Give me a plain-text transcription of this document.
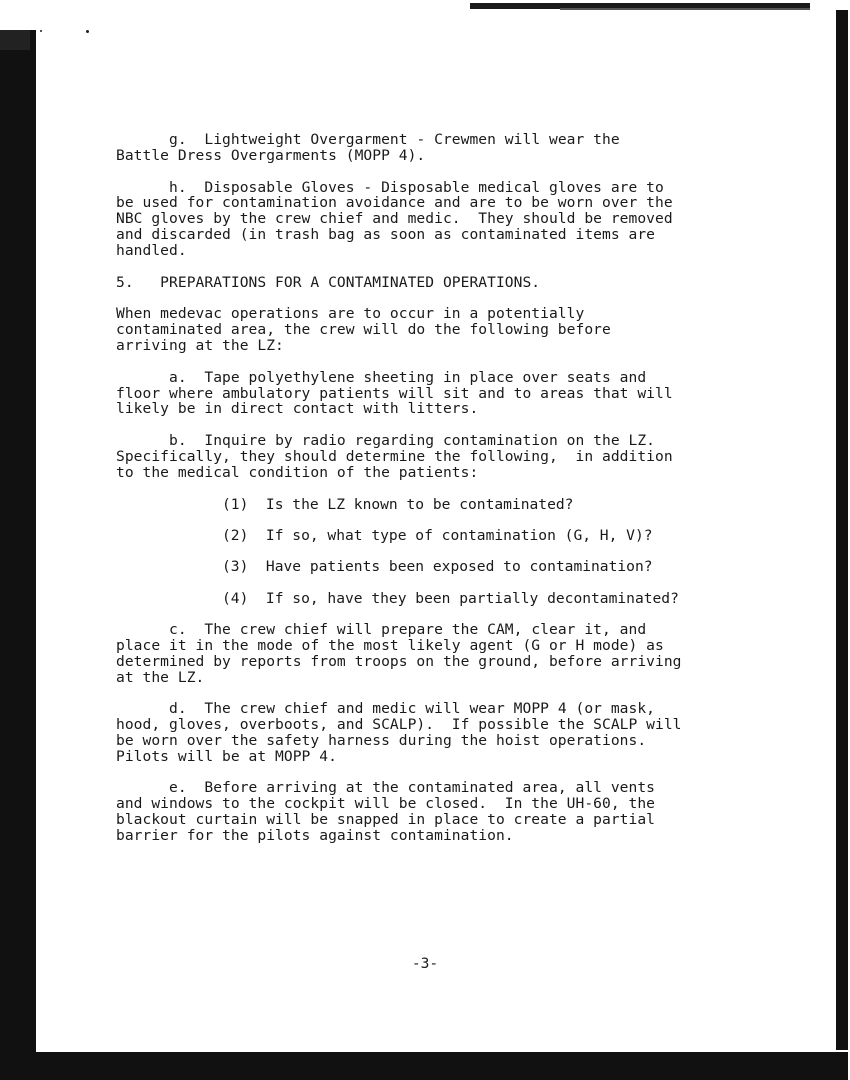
g.  Lightweight Overgarment - Crewmen will wear the
Battle Dress Overgarments (MOPP 4).

h.  Disposable Gloves - Disposable medical gloves are to
be used for contamination avoidance and are to be worn over the
NBC gloves by the crew chief and medic.  They should be removed
and discarded (in trash bag as soon as contaminated items are
handled.

5.   PREPARATIONS FOR A CONTAMINATED OPERATIONS.

When medevac operations are to occur in a potentially
contaminated area, the crew will do the following before
arriving at the LZ:

a.  Tape polyethylene sheeting in place over seats and
floor where ambulatory patients will sit and to areas that will
likely be in direct contact with litters.

b.  Inquire by radio regarding contamination on the LZ.
Specifically, they should determine the following,  in addition
to the medical condition of the patients:

(1)  Is the LZ known to be contaminated?

(2)  If so, what type of contamination (G, H, V)?

(3)  Have patients been exposed to contamination?

(4)  If so, have they been partially decontaminated?

c.  The crew chief will prepare the CAM, clear it, and
place it in the mode of the most likely agent (G or H mode) as
determined by reports from troops on the ground, before arriving
at the LZ.

d.  The crew chief and medic will wear MOPP 4 (or mask,
hood, gloves, overboots, and SCALP).  If possible the SCALP will
be worn over the safety harness during the hoist operations.
Pilots will be at MOPP 4.

e.  Before arriving at the contaminated area, all vents
and windows to the cockpit will be closed.  In the UH-60, the
blackout curtain will be snapped in place to create a partial
barrier for the pilots against contamination.

-3-
